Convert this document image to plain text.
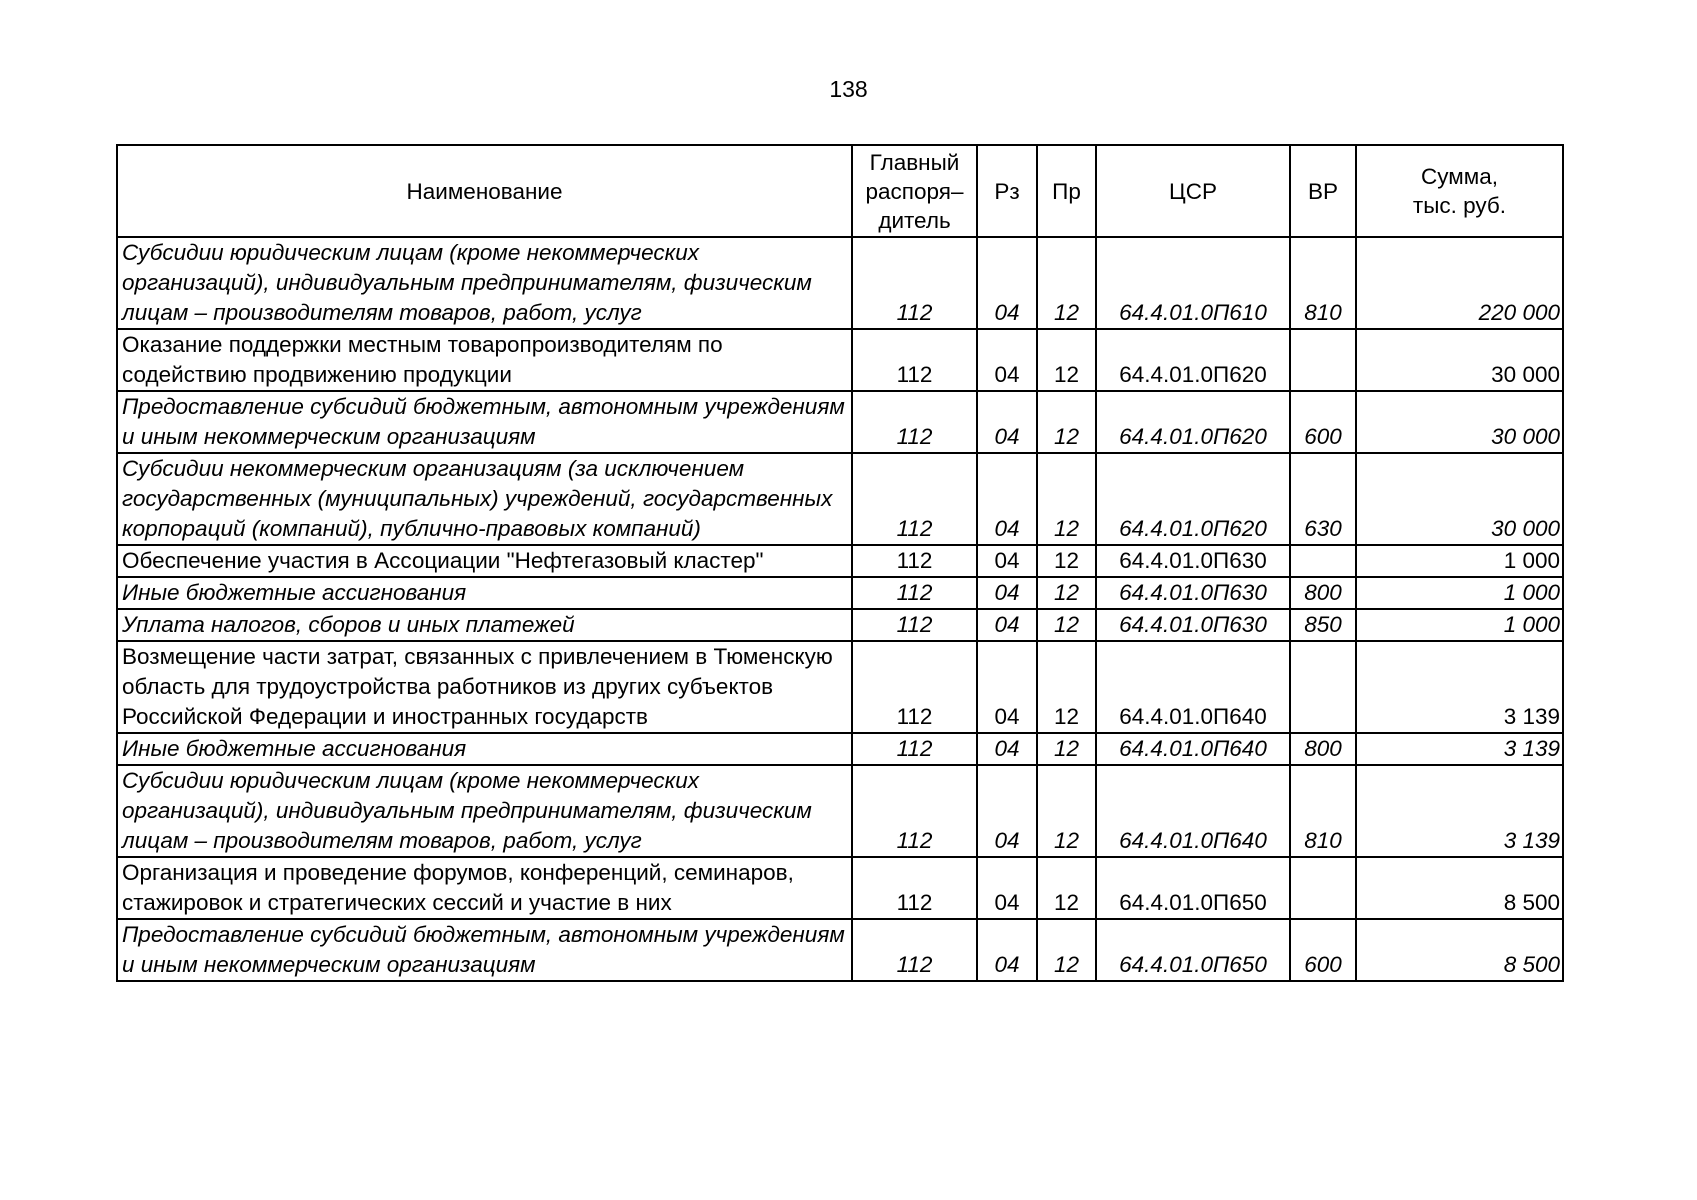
138
Наименование	Главный распоря– дитель	Рз	Пр	ЦСР	ВР	Сумма, тыс. руб.
Субсидии юридическим лицам (кроме некоммерческих организаций), индивидуальным предпринимателям, физическим лицам – производителям товаров, работ, услуг	112	04	12	64.4.01.0П610	810	220 000
Оказание поддержки местным товаропроизводителям по содействию продвижению продукции	112	04	12	64.4.01.0П620		30 000
Предоставление субсидий бюджетным, автономным учреждениям и иным некоммерческим организациям	112	04	12	64.4.01.0П620	600	30 000
Субсидии некоммерческим организациям (за исключением государственных (муниципальных) учреждений, государственных корпораций (компаний), публично-правовых компаний)	112	04	12	64.4.01.0П620	630	30 000
Обеспечение участия в Ассоциации "Нефтегазовый кластер"	112	04	12	64.4.01.0П630		1 000
Иные бюджетные ассигнования	112	04	12	64.4.01.0П630	800	1 000
Уплата налогов, сборов и иных платежей	112	04	12	64.4.01.0П630	850	1 000
Возмещение части затрат, связанных с привлечением в Тюменскую область для трудоустройства работников из других субъектов Российской Федерации и иностранных государств	112	04	12	64.4.01.0П640		3 139
Иные бюджетные ассигнования	112	04	12	64.4.01.0П640	800	3 139
Субсидии юридическим лицам (кроме некоммерческих организаций), индивидуальным предпринимателям, физическим лицам – производителям товаров, работ, услуг	112	04	12	64.4.01.0П640	810	3 139
Организация и проведение форумов, конференций, семинаров, стажировок и стратегических сессий и участие в них	112	04	12	64.4.01.0П650		8 500
Предоставление субсидий бюджетным, автономным учреждениям и иным некоммерческим организациям	112	04	12	64.4.01.0П650	600	8 500
